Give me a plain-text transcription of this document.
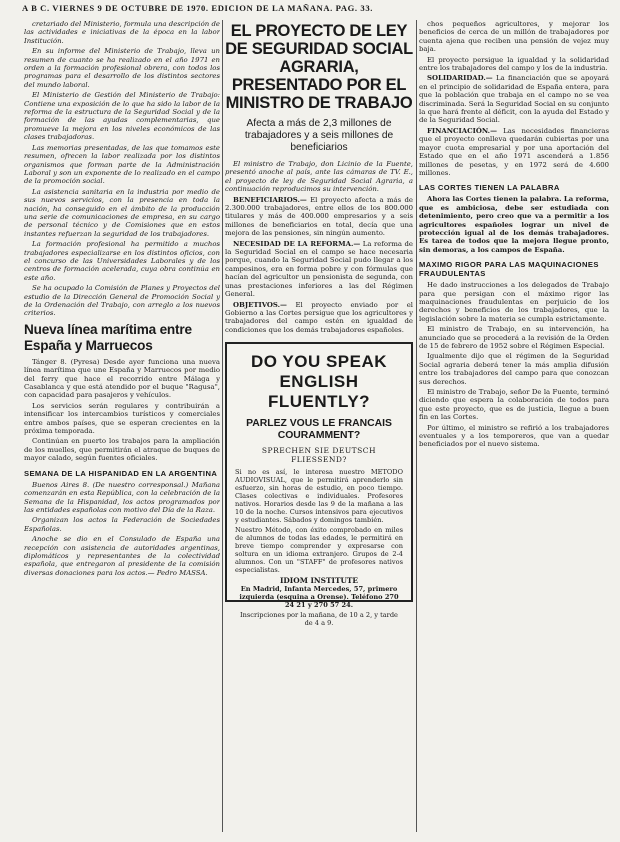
A B C. VIERNES 9 DE OCTUBRE DE 1970. EDICION DE LA MAÑANA. PAG. 33.

cretariado del Ministerio, formula una descripción de las actividades e iniciativas de la época en la labor Institución.

En su informe del Ministerio de Trabajo, lleva un resumen de cuanto se ha realizado en el año 1971 en orden a la formación profesional obrera, con todos los programas para el desarrollo de los distintos sectores del mundo laboral.

El Ministerio de Gestión del Ministerio de Trabajo: Contiene una exposición de lo que ha sido la labor de la reforma de la estructura de la Seguridad Social y de la formación de las ayudas complementarias, que promueve la mejora en los niveles económicos de las clases trabajadoras.

Las memorias presentadas, de las que tomamos este resumen, ofrecen la labor realizada por los distintos organismos que forman parte de la Administración Laboral y son un exponente de lo realizado en el campo de la promoción social.

La asistencia sanitaria en la industria por medio de sus nuevos servicios, con la presencia en toda la nación, ha conseguido en el ámbito de la producción una serie de comunicaciones de empresa, en su cargo de personal técnico y de Comisiones que en estos instantes refuerzan la seguridad de los trabajadores.

La formación profesional ha permitido a muchos trabajadores especializarse en los distintos oficios, con el concurso de las Universidades Laborales y de los centros de formación acelerada, cuya obra continúa en este año.

Se ha ocupado la Comisión de Planes y Proyectos del estudio de la Dirección General de Promoción Social y de la Ordenación del Trabajo, con arreglo a los nuevos criterios.

Nueva línea marítima entre España y Marruecos

Tánger 8. (Pyresa) Desde ayer funciona una nueva línea marítima que une España y Marruecos por medio del ferry que hace el recorrido entre Málaga y Casablanca y que está atendido por el buque "Ragusa", con capacidad para pasajeros y vehículos.

Los servicios serán regulares y contribuirán a intensificar los intercambios turísticos y comerciales entre ambos países, que se esperan crecientes en la próxima temporada.

Continúan en puerto los trabajos para la ampliación de los muelles, que permitirán el atraque de buques de mayor calado, según fuentes oficiales.

SEMANA DE LA HISPANIDAD EN LA ARGENTINA

Buenos Aires 8. (De nuestro corresponsal.) Mañana comenzarán en esta República, con la celebración de la Semana de la Hispanidad, los actos programados por las entidades españolas con motivo del Día de la Raza.

Organizan los actos la Federación de Sociedades Españolas.

Anoche se dio en el Consulado de España una recepción con asistencia de autoridades argentinas, diplomáticos y representantes de la colectividad española, que entregaron al presidente de la comisión diversas donaciones para los actos.— Pedro MASSA.

EL PROYECTO DE LEY DE SEGURIDAD SOCIAL AGRARIA, PRESENTADO POR EL MINISTRO DE TRABAJO
Afecta a más de 2,3 millones de trabajadores y a seis millones de beneficiarios

El ministro de Trabajo, don Licinio de la Fuente, presentó anoche al país, ante las cámaras de TV. E., el proyecto de ley de Seguridad Social Agraria, a continuación reproducimos su intervención.

BENEFICIARIOS.— El proyecto afecta a más de 2.300.000 trabajadores, entre ellos de los 800.000 titulares y más de 400.000 empresarios y a seis millones de beneficiarios en total, decía que una mejora de las pensiones, sin ningún aumento.

NECESIDAD DE LA REFORMA.— La reforma de la Seguridad Social en el campo se hace necesaria porque, cuando la Seguridad Social pudo llegar a los campesinos, era en forma pobre y con fórmulas que hacían del agricultor un pensionista de segunda, con unas prestaciones inferiores a las del Régimen General.

OBJETIVOS.— El proyecto enviado por el Gobierno a las Cortes persigue que los agricultores y trabajadores del campo estén en igualdad de condiciones que los demás trabajadores españoles.

DO YOU SPEAK ENGLISH FLUENTLY?
PARLEZ VOUS LE FRANCAIS COURAMMENT?
SPRECHEN SIE DEUTSCH FLIESSEND?

Si no es así, le interesa nuestro METODO AUDIOVISUAL, que le permitirá aprenderlo sin esfuerzo, sin horas de estudio, en poco tiempo. Clases colectivas e individuales. Profesores nativos. Horarios desde las 9 de la mañana a las 10 de la noche. Cursos intensivos para ejecutivos y estudiantes. Sábados y domingos también.

Nuestro Método, con éxito comprobado en miles de alumnos de todas las edades, le permitirá en breve tiempo comprender y expresarse con soltura en un idioma extranjero. Grupos de 2-4 alumnos. Con un "STAFF" de profesores nativos especialistas.

IDIOM INSTITUTE

En Madrid, Infanta Mercedes, 57, primero izquierda (esquina a Orense). Teléfono 270 24 21 y 270 57 24.

Inscripciones por la mañana, de 10 a 2, y tarde de 4 a 9.

chos pequeños agricultores, y mejorar los beneficios de cerca de un millón de trabajadores por cuenta ajena que reciben una pensión de vejez muy baja.

El proyecto persigue la igualdad y la solidaridad entre los trabajadores del campo y los de la industria.

SOLIDARIDAD.— La financiación que se apoyará en el principio de solidaridad de España entera, para que la población que trabaja en el campo no se vea discriminada. Será la Seguridad Social en su conjunto la que hará frente al déficit, con la ayuda del Estado y de la Seguridad Social.

FINANCIACIÓN.— Las necesidades financieras que el proyecto conlleva quedarán cubiertas por una mayor cuota empresarial y por una aportación del Estado que en el año 1971 ascenderá a 1.856 millones de pesetas, y en 1972 será de 4.600 millones.

LAS CORTES TIENEN LA PALABRA

Ahora las Cortes tienen la palabra. La reforma, que es ambiciosa, debe ser estudiada con detenimiento, pero creo que va a permitir a los agricultores españoles lograr un nivel de protección igual al de los demás trabajadores. Es tarea de todos que la mejora llegue pronto, sin demoras, a los campos de España.

MAXIMO RIGOR PARA LAS MAQUINACIONES FRAUDULENTAS

He dado instrucciones a los delegados de Trabajo para que persigan con el máximo rigor las maquinaciones fraudulentas en perjuicio de los derechos y beneficios de los trabajadores, que la legislación sobre la materia se cumpla estrictamente.

El ministro de Trabajo, en su intervención, ha anunciado que se procederá a la revisión de la Orden de 15 de febrero de 1952 sobre el Régimen Especial.

Igualmente dijo que el régimen de la Seguridad Social agraria deberá tener la más amplia difusión entre los trabajadores del campo para que conozcan sus derechos.

El ministro de Trabajo, señor De la Fuente, terminó diciendo que espera la colaboración de todos para que este proyecto, que es de justicia, llegue a buen fin en las Cortes.

Por último, el ministro se refirió a los trabajadores eventuales y a los temporeros, que van a quedar beneficiados por el nuevo sistema.
